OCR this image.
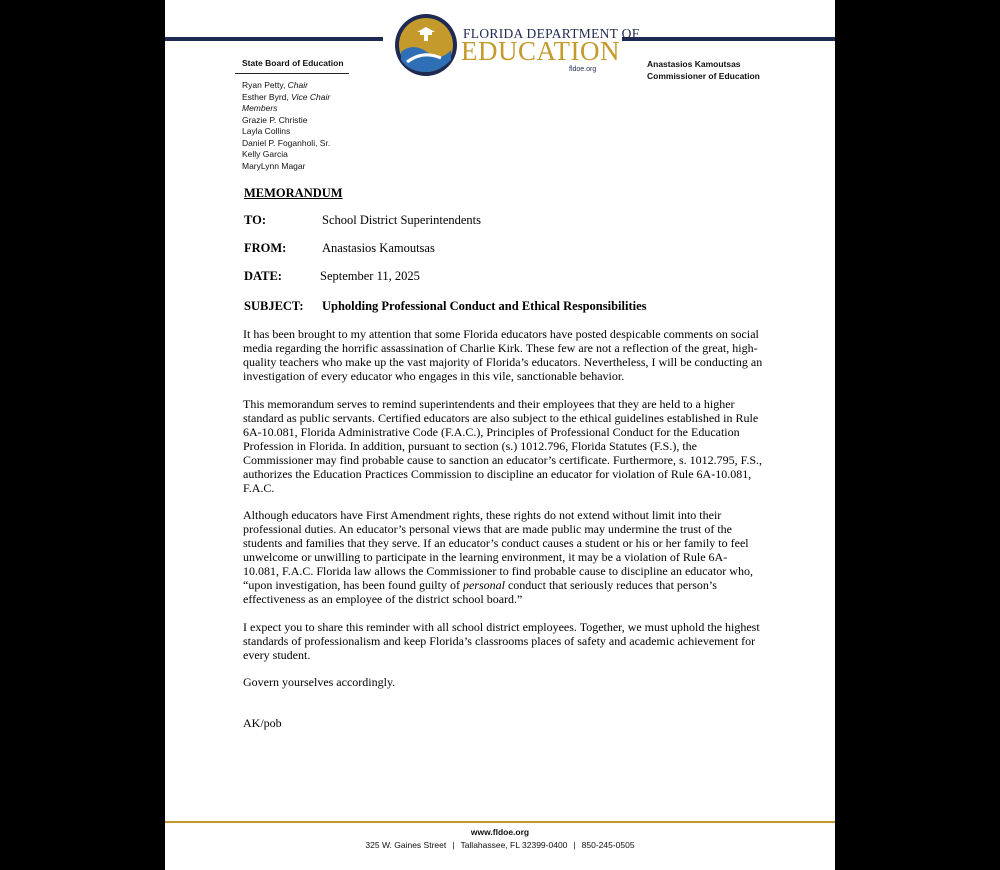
FLORIDA DEPARTMENT OF
EDUCATION
fldoe.org
State Board of Education
Ryan Petty, Chair
Esther Byrd, Vice Chair
Members
Grazie P. Christie
Layla Collins
Daniel P. Foganholi, Sr.
Kelly Garcia
MaryLynn Magar
Anastasios Kamoutsas
Commissioner of Education
MEMORANDUM
TO:	School District Superintendents
FROM:	Anastasios Kamoutsas
DATE:	September 11, 2025
SUBJECT: Upholding Professional Conduct and Ethical Responsibilities

It has been brought to my attention that some Florida educators have posted despicable comments on social media regarding the horrific assassination of Charlie Kirk. These few are not a reflection of the great, high-quality teachers who make up the vast majority of Florida’s educators. Nevertheless, I will be conducting an investigation of every educator who engages in this vile, sanctionable behavior.

This memorandum serves to remind superintendents and their employees that they are held to a higher standard as public servants. Certified educators are also subject to the ethical guidelines established in Rule 6A-10.081, Florida Administrative Code (F.A.C.), Principles of Professional Conduct for the Education Profession in Florida. In addition, pursuant to section (s.) 1012.796, Florida Statutes (F.S.), the Commissioner may find probable cause to sanction an educator’s certificate. Furthermore, s. 1012.795, F.S., authorizes the Education Practices Commission to discipline an educator for violation of Rule 6A-10.081, F.A.C.

Although educators have First Amendment rights, these rights do not extend without limit into their professional duties. An educator’s personal views that are made public may undermine the trust of the students and families that they serve. If an educator’s conduct causes a student or his or her family to feel unwelcome or unwilling to participate in the learning environment, it may be a violation of Rule 6A-10.081, F.A.C. Florida law allows the Commissioner to find probable cause to discipline an educator who, “upon investigation, has been found guilty of personal conduct that seriously reduces that person’s effectiveness as an employee of the district school board.”

I expect you to share this reminder with all school district employees. Together, we must uphold the highest standards of professionalism and keep Florida’s classrooms places of safety and academic achievement for every student.

Govern yourselves accordingly.

AK/pob

www.fldoe.org
325 W. Gaines Street | Tallahassee, FL 32399-0400 | 850-245-0505
